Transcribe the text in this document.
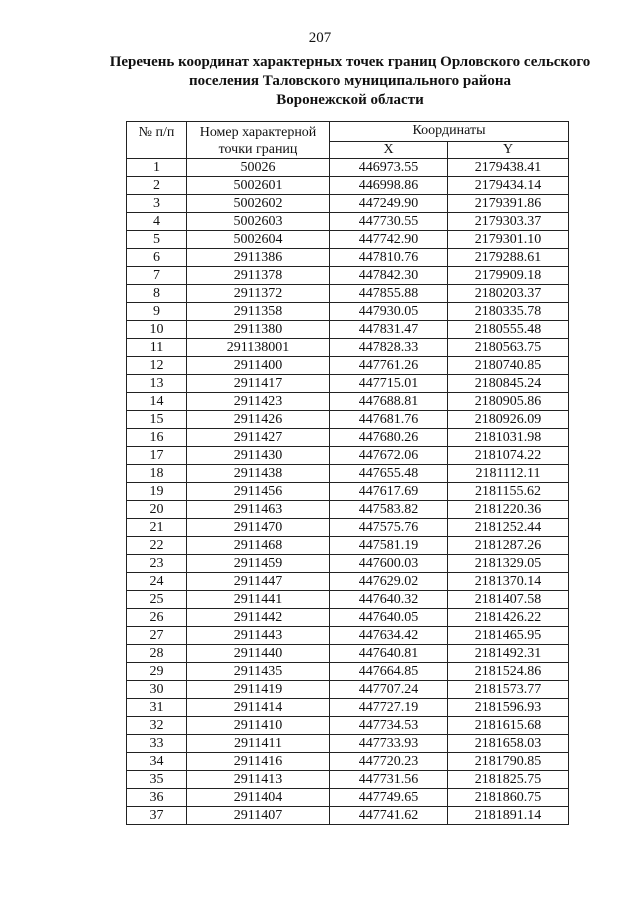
207
Перечень координат характерных точек границ Орловского сельского
поселения Таловского муниципального района
Воронежской области
№ п/п	Номер характерной точки границ	Координаты	
		X	Y
1	50026	446973.55	2179438.41
2	5002601	446998.86	2179434.14
3	5002602	447249.90	2179391.86
4	5002603	447730.55	2179303.37
5	5002604	447742.90	2179301.10
6	2911386	447810.76	2179288.61
7	2911378	447842.30	2179909.18
8	2911372	447855.88	2180203.37
9	2911358	447930.05	2180335.78
10	2911380	447831.47	2180555.48
11	291138001	447828.33	2180563.75
12	2911400	447761.26	2180740.85
13	2911417	447715.01	2180845.24
14	2911423	447688.81	2180905.86
15	2911426	447681.76	2180926.09
16	2911427	447680.26	2181031.98
17	2911430	447672.06	2181074.22
18	2911438	447655.48	2181112.11
19	2911456	447617.69	2181155.62
20	2911463	447583.82	2181220.36
21	2911470	447575.76	2181252.44
22	2911468	447581.19	2181287.26
23	2911459	447600.03	2181329.05
24	2911447	447629.02	2181370.14
25	2911441	447640.32	2181407.58
26	2911442	447640.05	2181426.22
27	2911443	447634.42	2181465.95
28	2911440	447640.81	2181492.31
29	2911435	447664.85	2181524.86
30	2911419	447707.24	2181573.77
31	2911414	447727.19	2181596.93
32	2911410	447734.53	2181615.68
33	2911411	447733.93	2181658.03
34	2911416	447720.23	2181790.85
35	2911413	447731.56	2181825.75
36	2911404	447749.65	2181860.75
37	2911407	447741.62	2181891.14
